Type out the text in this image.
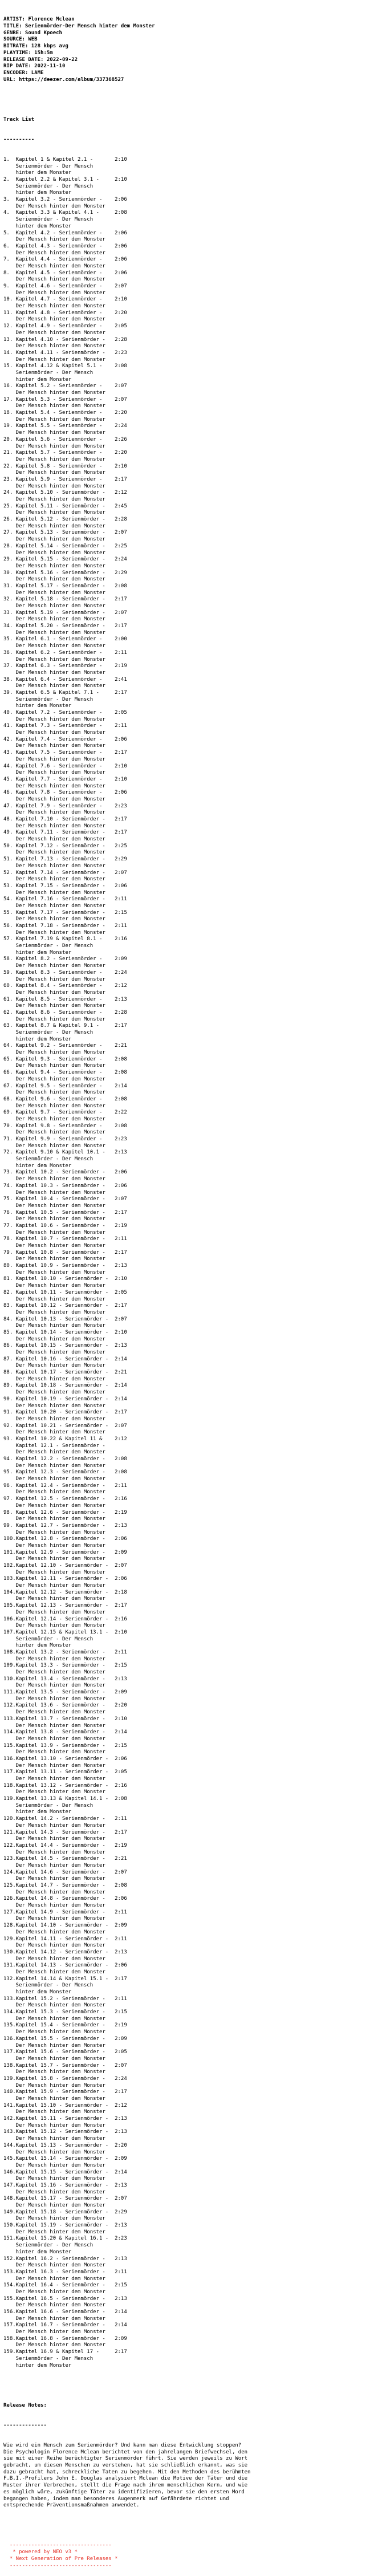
ARTIST: Florence Mclean
TITLE: Serienmörder-Der Mensch hinter dem Monster
GENRE: Sound Kpoech
SOURCE: WEB
BITRATE: 128 kbps avg
PLAYTIME: 15h:5m
RELEASE DATE: 2022-09-22
RIP DATE: 2022-11-10
ENCODER: LAME
URL: https://deezer.com/album/337368527

Track List

----------

1.  Kapitel 1 & Kapitel 2.1 -       2:10
Serienmörder - Der Mensch
hinter dem Monster
2.  Kapitel 2.2 & Kapitel 3.1 -     2:10
Serienmörder - Der Mensch
hinter dem Monster
3.  Kapitel 3.2 - Serienmörder -    2:06
Der Mensch hinter dem Monster
4.  Kapitel 3.3 & Kapitel 4.1 -     2:08
Serienmörder - Der Mensch
hinter dem Monster
5.  Kapitel 4.2 - Serienmörder -    2:06
Der Mensch hinter dem Monster
6.  Kapitel 4.3 - Serienmörder -    2:06
Der Mensch hinter dem Monster
7.  Kapitel 4.4 - Serienmörder -    2:06
Der Mensch hinter dem Monster
8.  Kapitel 4.5 - Serienmörder -    2:06
Der Mensch hinter dem Monster
9.  Kapitel 4.6 - Serienmörder -    2:07
Der Mensch hinter dem Monster
10. Kapitel 4.7 - Serienmörder -    2:10
Der Mensch hinter dem Monster
11. Kapitel 4.8 - Serienmörder -    2:20
Der Mensch hinter dem Monster
12. Kapitel 4.9 - Serienmörder -    2:05
Der Mensch hinter dem Monster
13. Kapitel 4.10 - Serienmörder -   2:28
Der Mensch hinter dem Monster
14. Kapitel 4.11 - Serienmörder -   2:23
Der Mensch hinter dem Monster
15. Kapitel 4.12 & Kapitel 5.1 -    2:08
Serienmörder - Der Mensch
hinter dem Monster
16. Kapitel 5.2 - Serienmörder -    2:07
Der Mensch hinter dem Monster
17. Kapitel 5.3 - Serienmörder -    2:07
Der Mensch hinter dem Monster
18. Kapitel 5.4 - Serienmörder -    2:20
Der Mensch hinter dem Monster
19. Kapitel 5.5 - Serienmörder -    2:24
Der Mensch hinter dem Monster
20. Kapitel 5.6 - Serienmörder -    2:26
Der Mensch hinter dem Monster
21. Kapitel 5.7 - Serienmörder -    2:20
Der Mensch hinter dem Monster
22. Kapitel 5.8 - Serienmörder -    2:10
Der Mensch hinter dem Monster
23. Kapitel 5.9 - Serienmörder -    2:17
Der Mensch hinter dem Monster
24. Kapitel 5.10 - Serienmörder -   2:12
Der Mensch hinter dem Monster
25. Kapitel 5.11 - Serienmörder -   2:45
Der Mensch hinter dem Monster
26. Kapitel 5.12 - Serienmörder -   2:28
Der Mensch hinter dem Monster
27. Kapitel 5.13 - Serienmörder -   2:07
Der Mensch hinter dem Monster
28. Kapitel 5.14 - Serienmörder -   2:25
Der Mensch hinter dem Monster
29. Kapitel 5.15 - Serienmörder -   2:24
Der Mensch hinter dem Monster
30. Kapitel 5.16 - Serienmörder -   2:29
Der Mensch hinter dem Monster
31. Kapitel 5.17 - Serienmörder -   2:08
Der Mensch hinter dem Monster
32. Kapitel 5.18 - Serienmörder -   2:17
Der Mensch hinter dem Monster
33. Kapitel 5.19 - Serienmörder -   2:07
Der Mensch hinter dem Monster
34. Kapitel 5.20 - Serienmörder -   2:17
Der Mensch hinter dem Monster
35. Kapitel 6.1 - Serienmörder -    2:00
Der Mensch hinter dem Monster
36. Kapitel 6.2 - Serienmörder -    2:11
Der Mensch hinter dem Monster
37. Kapitel 6.3 - Serienmörder -    2:19
Der Mensch hinter dem Monster
38. Kapitel 6.4 - Serienmörder -    2:41
Der Mensch hinter dem Monster
39. Kapitel 6.5 & Kapitel 7.1 -     2:17
Serienmörder - Der Mensch
hinter dem Monster
40. Kapitel 7.2 - Serienmörder -    2:05
Der Mensch hinter dem Monster
41. Kapitel 7.3 - Serienmörder -    2:11
Der Mensch hinter dem Monster
42. Kapitel 7.4 - Serienmörder -    2:06
Der Mensch hinter dem Monster
43. Kapitel 7.5 - Serienmörder -    2:17
Der Mensch hinter dem Monster
44. Kapitel 7.6 - Serienmörder -    2:10
Der Mensch hinter dem Monster
45. Kapitel 7.7 - Serienmörder -    2:10
Der Mensch hinter dem Monster
46. Kapitel 7.8 - Serienmörder -    2:06
Der Mensch hinter dem Monster
47. Kapitel 7.9 - Serienmörder -    2:23
Der Mensch hinter dem Monster
48. Kapitel 7.10 - Serienmörder -   2:17
Der Mensch hinter dem Monster
49. Kapitel 7.11 - Serienmörder -   2:17
Der Mensch hinter dem Monster
50. Kapitel 7.12 - Serienmörder -   2:25
Der Mensch hinter dem Monster
51. Kapitel 7.13 - Serienmörder -   2:29
Der Mensch hinter dem Monster
52. Kapitel 7.14 - Serienmörder -   2:07
Der Mensch hinter dem Monster
53. Kapitel 7.15 - Serienmörder -   2:06
Der Mensch hinter dem Monster
54. Kapitel 7.16 - Serienmörder -   2:11
Der Mensch hinter dem Monster
55. Kapitel 7.17 - Serienmörder -   2:15
Der Mensch hinter dem Monster
56. Kapitel 7.18 - Serienmörder -   2:11
Der Mensch hinter dem Monster
57. Kapitel 7.19 & Kapitel 8.1 -    2:16
Serienmörder - Der Mensch
hinter dem Monster
58. Kapitel 8.2 - Serienmörder -    2:09
Der Mensch hinter dem Monster
59. Kapitel 8.3 - Serienmörder -    2:24
Der Mensch hinter dem Monster
60. Kapitel 8.4 - Serienmörder -    2:12
Der Mensch hinter dem Monster
61. Kapitel 8.5 - Serienmörder -    2:13
Der Mensch hinter dem Monster
62. Kapitel 8.6 - Serienmörder -    2:28
Der Mensch hinter dem Monster
63. Kapitel 8.7 & Kapitel 9.1 -     2:17
Serienmörder - Der Mensch
hinter dem Monster
64. Kapitel 9.2 - Serienmörder -    2:21
Der Mensch hinter dem Monster
65. Kapitel 9.3 - Serienmörder -    2:08
Der Mensch hinter dem Monster
66. Kapitel 9.4 - Serienmörder -    2:08
Der Mensch hinter dem Monster
67. Kapitel 9.5 - Serienmörder -    2:14
Der Mensch hinter dem Monster
68. Kapitel 9.6 - Serienmörder -    2:08
Der Mensch hinter dem Monster
69. Kapitel 9.7 - Serienmörder -    2:22
Der Mensch hinter dem Monster
70. Kapitel 9.8 - Serienmörder -    2:08
Der Mensch hinter dem Monster
71. Kapitel 9.9 - Serienmörder -    2:23
Der Mensch hinter dem Monster
72. Kapitel 9.10 & Kapitel 10.1 -   2:13
Serienmörder - Der Mensch
hinter dem Monster
73. Kapitel 10.2 - Serienmörder -   2:06
Der Mensch hinter dem Monster
74. Kapitel 10.3 - Serienmörder -   2:06
Der Mensch hinter dem Monster
75. Kapitel 10.4 - Serienmörder -   2:07
Der Mensch hinter dem Monster
76. Kapitel 10.5 - Serienmörder -   2:17
Der Mensch hinter dem Monster
77. Kapitel 10.6 - Serienmörder -   2:19
Der Mensch hinter dem Monster
78. Kapitel 10.7 - Serienmörder -   2:11
Der Mensch hinter dem Monster
79. Kapitel 10.8 - Serienmörder -   2:17
Der Mensch hinter dem Monster
80. Kapitel 10.9 - Serienmörder -   2:13
Der Mensch hinter dem Monster
81. Kapitel 10.10 - Serienmörder -  2:10
Der Mensch hinter dem Monster
82. Kapitel 10.11 - Serienmörder -  2:05
Der Mensch hinter dem Monster
83. Kapitel 10.12 - Serienmörder -  2:17
Der Mensch hinter dem Monster
84. Kapitel 10.13 - Serienmörder -  2:07
Der Mensch hinter dem Monster
85. Kapitel 10.14 - Serienmörder -  2:10
Der Mensch hinter dem Monster
86. Kapitel 10.15 - Serienmörder -  2:13
Der Mensch hinter dem Monster
87. Kapitel 10.16 - Serienmörder -  2:14
Der Mensch hinter dem Monster
88. Kapitel 10.17 - Serienmörder -  2:21
Der Mensch hinter dem Monster
89. Kapitel 10.18 - Serienmörder -  2:14
Der Mensch hinter dem Monster
90. Kapitel 10.19 - Serienmörder -  2:14
Der Mensch hinter dem Monster
91. Kapitel 10.20 - Serienmörder -  2:17
Der Mensch hinter dem Monster
92. Kapitel 10.21 - Serienmörder -  2:07
Der Mensch hinter dem Monster
93. Kapitel 10.22 & Kapitel 11 &    2:12
Kapitel 12.1 - Serienmörder -
Der Mensch hinter dem Monster
94. Kapitel 12.2 - Serienmörder -   2:08
Der Mensch hinter dem Monster
95. Kapitel 12.3 - Serienmörder -   2:08
Der Mensch hinter dem Monster
96. Kapitel 12.4 - Serienmörder -   2:11
Der Mensch hinter dem Monster
97. Kapitel 12.5 - Serienmörder -   2:16
Der Mensch hinter dem Monster
98. Kapitel 12.6 - Serienmörder -   2:19
Der Mensch hinter dem Monster
99. Kapitel 12.7 - Serienmörder -   2:13
Der Mensch hinter dem Monster
100.Kapitel 12.8 - Serienmörder -   2:06
Der Mensch hinter dem Monster
101.Kapitel 12.9 - Serienmörder -   2:09
Der Mensch hinter dem Monster
102.Kapitel 12.10 - Serienmörder -  2:07
Der Mensch hinter dem Monster
103.Kapitel 12.11 - Serienmörder -  2:06
Der Mensch hinter dem Monster
104.Kapitel 12.12 - Serienmörder -  2:18
Der Mensch hinter dem Monster
105.Kapitel 12.13 - Serienmörder -  2:17
Der Mensch hinter dem Monster
106.Kapitel 12.14 - Serienmörder -  2:16
Der Mensch hinter dem Monster
107.Kapitel 12.15 & Kapitel 13.1 -  2:10
Serienmörder - Der Mensch
hinter dem Monster
108.Kapitel 13.2 - Serienmörder -   2:11
Der Mensch hinter dem Monster
109.Kapitel 13.3 - Serienmörder -   2:15
Der Mensch hinter dem Monster
110.Kapitel 13.4 - Serienmörder -   2:13
Der Mensch hinter dem Monster
111.Kapitel 13.5 - Serienmörder -   2:09
Der Mensch hinter dem Monster
112.Kapitel 13.6 - Serienmörder -   2:20
Der Mensch hinter dem Monster
113.Kapitel 13.7 - Serienmörder -   2:10
Der Mensch hinter dem Monster
114.Kapitel 13.8 - Serienmörder -   2:14
Der Mensch hinter dem Monster
115.Kapitel 13.9 - Serienmörder -   2:15
Der Mensch hinter dem Monster
116.Kapitel 13.10 - Serienmörder -  2:06
Der Mensch hinter dem Monster
117.Kapitel 13.11 - Serienmörder -  2:05
Der Mensch hinter dem Monster
118.Kapitel 13.12 - Serienmörder -  2:16
Der Mensch hinter dem Monster
119.Kapitel 13.13 & Kapitel 14.1 -  2:08
Serienmörder - Der Mensch
hinter dem Monster
120.Kapitel 14.2 - Serienmörder -   2:11
Der Mensch hinter dem Monster
121.Kapitel 14.3 - Serienmörder -   2:17
Der Mensch hinter dem Monster
122.Kapitel 14.4 - Serienmörder -   2:19
Der Mensch hinter dem Monster
123.Kapitel 14.5 - Serienmörder -   2:21
Der Mensch hinter dem Monster
124.Kapitel 14.6 - Serienmörder -   2:07
Der Mensch hinter dem Monster
125.Kapitel 14.7 - Serienmörder -   2:08
Der Mensch hinter dem Monster
126.Kapitel 14.8 - Serienmörder -   2:06
Der Mensch hinter dem Monster
127.Kapitel 14.9 - Serienmörder -   2:11
Der Mensch hinter dem Monster
128.Kapitel 14.10 - Serienmörder -  2:09
Der Mensch hinter dem Monster
129.Kapitel 14.11 - Serienmörder -  2:11
Der Mensch hinter dem Monster
130.Kapitel 14.12 - Serienmörder -  2:13
Der Mensch hinter dem Monster
131.Kapitel 14.13 - Serienmörder -  2:06
Der Mensch hinter dem Monster
132.Kapitel 14.14 & Kapitel 15.1 -  2:17
Serienmörder - Der Mensch
hinter dem Monster
133.Kapitel 15.2 - Serienmörder -   2:11
Der Mensch hinter dem Monster
134.Kapitel 15.3 - Serienmörder -   2:15
Der Mensch hinter dem Monster
135.Kapitel 15.4 - Serienmörder -   2:19
Der Mensch hinter dem Monster
136.Kapitel 15.5 - Serienmörder -   2:09
Der Mensch hinter dem Monster
137.Kapitel 15.6 - Serienmörder -   2:05
Der Mensch hinter dem Monster
138.Kapitel 15.7 - Serienmörder -   2:07
Der Mensch hinter dem Monster
139.Kapitel 15.8 - Serienmörder -   2:24
Der Mensch hinter dem Monster
140.Kapitel 15.9 - Serienmörder -   2:17
Der Mensch hinter dem Monster
141.Kapitel 15.10 - Serienmörder -  2:12
Der Mensch hinter dem Monster
142.Kapitel 15.11 - Serienmörder -  2:13
Der Mensch hinter dem Monster
143.Kapitel 15.12 - Serienmörder -  2:13
Der Mensch hinter dem Monster
144.Kapitel 15.13 - Serienmörder -  2:20
Der Mensch hinter dem Monster
145.Kapitel 15.14 - Serienmörder -  2:09
Der Mensch hinter dem Monster
146.Kapitel 15.15 - Serienmörder -  2:14
Der Mensch hinter dem Monster
147.Kapitel 15.16 - Serienmörder -  2:13
Der Mensch hinter dem Monster
148.Kapitel 15.17 - Serienmörder -  2:07
Der Mensch hinter dem Monster
149.Kapitel 15.18 - Serienmörder -  2:29
Der Mensch hinter dem Monster
150.Kapitel 15.19 - Serienmörder -  2:13
Der Mensch hinter dem Monster
151.Kapitel 15.20 & Kapitel 16.1 -  2:23
Serienmörder - Der Mensch
hinter dem Monster
152.Kapitel 16.2 - Serienmörder -   2:13
Der Mensch hinter dem Monster
153.Kapitel 16.3 - Serienmörder -   2:11
Der Mensch hinter dem Monster
154.Kapitel 16.4 - Serienmörder -   2:15
Der Mensch hinter dem Monster
155.Kapitel 16.5 - Serienmörder -   2:13
Der Mensch hinter dem Monster
156.Kapitel 16.6 - Serienmörder -   2:14
Der Mensch hinter dem Monster
157.Kapitel 16.7 - Serienmörder -   2:14
Der Mensch hinter dem Monster
158.Kapitel 16.8 - Serienmörder -   2:09
Der Mensch hinter dem Monster
159.Kapitel 16.9 & Kapitel 17 -     2:17
Serienmörder - Der Mensch
hinter dem Monster

Release Notes:

--------------

Wie wird ein Mensch zum Serienmörder? Und kann man diese Entwicklung stoppen?
Die Psychologin Florence Mclean berichtet von den jahrelangen Briefwechsel, den sie mit einer Reihe berüchtigter Serienmörder führt. Sie werden jeweils zu Wort gebracht, um diesen Menschen zu verstehen, hat sie schließlich erkannt, was sie dazu gebracht hat, schreckliche Taten zu begehen. Mit den Methoden des berühmten F.B.I.-Profilers John E. Douglas analysiert Mclean die Motive der Täter und die Muster ihrer Verbrechen, stellt die Frage nach ihrem menschlichen Kern, und wie es möglich wäre, zukünftige Täter zu identifizieren, bevor sie den ersten Mord begangen haben, indem man besonderes Augenmerk auf Gefährdete richtet und entsprechende Präventionsmaßnahmen anwendet.

---------------------------------
* powered by NEO v3 *
* Next Generation of Pre Releases *
---------------------------------
